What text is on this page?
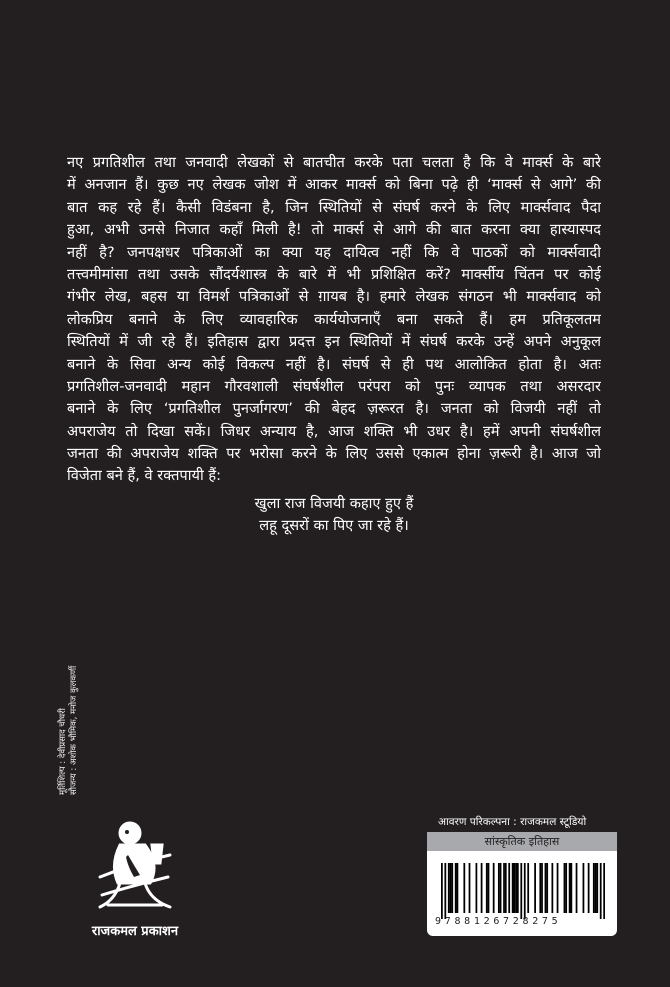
नए प्रगतिशील तथा जनवादी लेखकों से बातचीत करके पता चलता है कि वे मार्क्स के बारे
में अनजान हैं। कुछ नए लेखक जोश में आकर मार्क्स को बिना पढ़े ही ‘मार्क्स से आगे’ की
बात कह रहे हैं। कैसी विडंबना है, जिन स्थितियों से संघर्ष करने के लिए मार्क्सवाद पैदा
हुआ, अभी उनसे निजात कहाँ मिली है! तो मार्क्स से आगे की बात करना क्या हास्यास्पद
नहीं है? जनपक्षधर पत्रिकाओं का क्या यह दायित्व नहीं कि वे पाठकों को मार्क्सवादी
तत्त्वमीमांसा तथा उसके सौंदर्यशास्त्र के बारे में भी प्रशिक्षित करें? मार्क्सीय चिंतन पर कोई
गंभीर लेख, बहस या विमर्श पत्रिकाओं से ग़ायब है। हमारे लेखक संगठन भी मार्क्सवाद को
लोकप्रिय बनाने के लिए व्यावहारिक कार्ययोजनाएँ बना सकते हैं। हम प्रतिकूलतम
स्थितियों में जी रहे हैं। इतिहास द्वारा प्रदत्त इन स्थितियों में संघर्ष करके उन्हें अपने अनुकूल
बनाने के सिवा अन्य कोई विकल्प नहीं है। संघर्ष से ही पथ आलोकित होता है। अतः
प्रगतिशील-जनवादी महान गौरवशाली संघर्षशील परंपरा को पुनः व्यापक तथा असरदार
बनाने के लिए ‘प्रगतिशील पुनर्जागरण’ की बेहद ज़रूरत है। जनता को विजयी नहीं तो
अपराजेय तो दिखा सकें। जिधर अन्याय है, आज शक्ति भी उधर है। हमें अपनी संघर्षशील
जनता की अपराजेय शक्ति पर भरोसा करने के लिए उससे एकात्म होना ज़रूरी है। आज जो
विजेता बने हैं, वे रक्तपायी हैं:
खुला राज विजयी कहाए हुए हैं
लहू दूसरों का पिए जा रहे हैं।
मूर्तिशिल्प : देवीप्रसाद चौधरी सौजन्य : अशोक भौमिक, मनोज कुलकर्णी
राजकमल प्रकाशन
आवरण परिकल्पना : राजकमल स्टूडियो
सांस्कृतिक इतिहास
9788126728275
